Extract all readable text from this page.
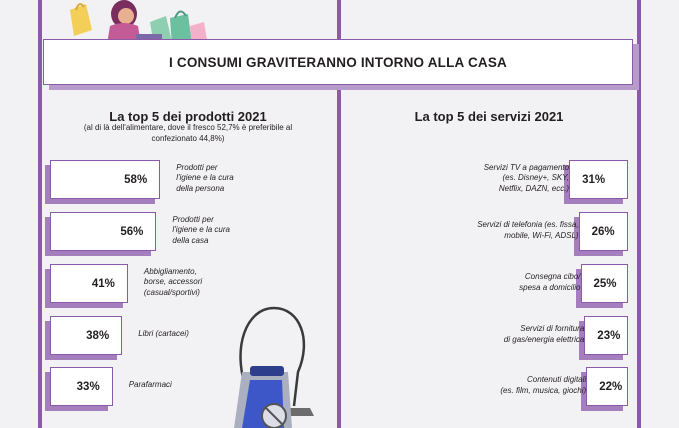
I CONSUMI GRAVITERANNO INTORNO ALLA CASA
La top 5 dei prodotti 2021
(al di là dell'alimentare, dove il fresco 52,7% è preferibile al confezionato 44,8%)
La top 5 dei servizi 2021
58%
Prodotti per
l'igiene e la cura
della persona
56%
Prodotti per
l'igiene e la cura
della casa
41%
Abbigliamento,
borse, accessori
(casual/sportivi)
38%	Libri (cartacei)
33%	Parafarmaci
31%
Servizi TV a pagamento
(es. Disney+, SKY,
Netflix, DAZN, ecc.)
26%
Servizi di telefonia (es. fissa,
mobile, Wi-Fi, ADSL)
25%
Consegna cibo/
spesa a domicilio
23%
Servizi di fornitura
di gas/energia elettrica
22%
Contenuti digitali
(es. film, musica, giochi)
